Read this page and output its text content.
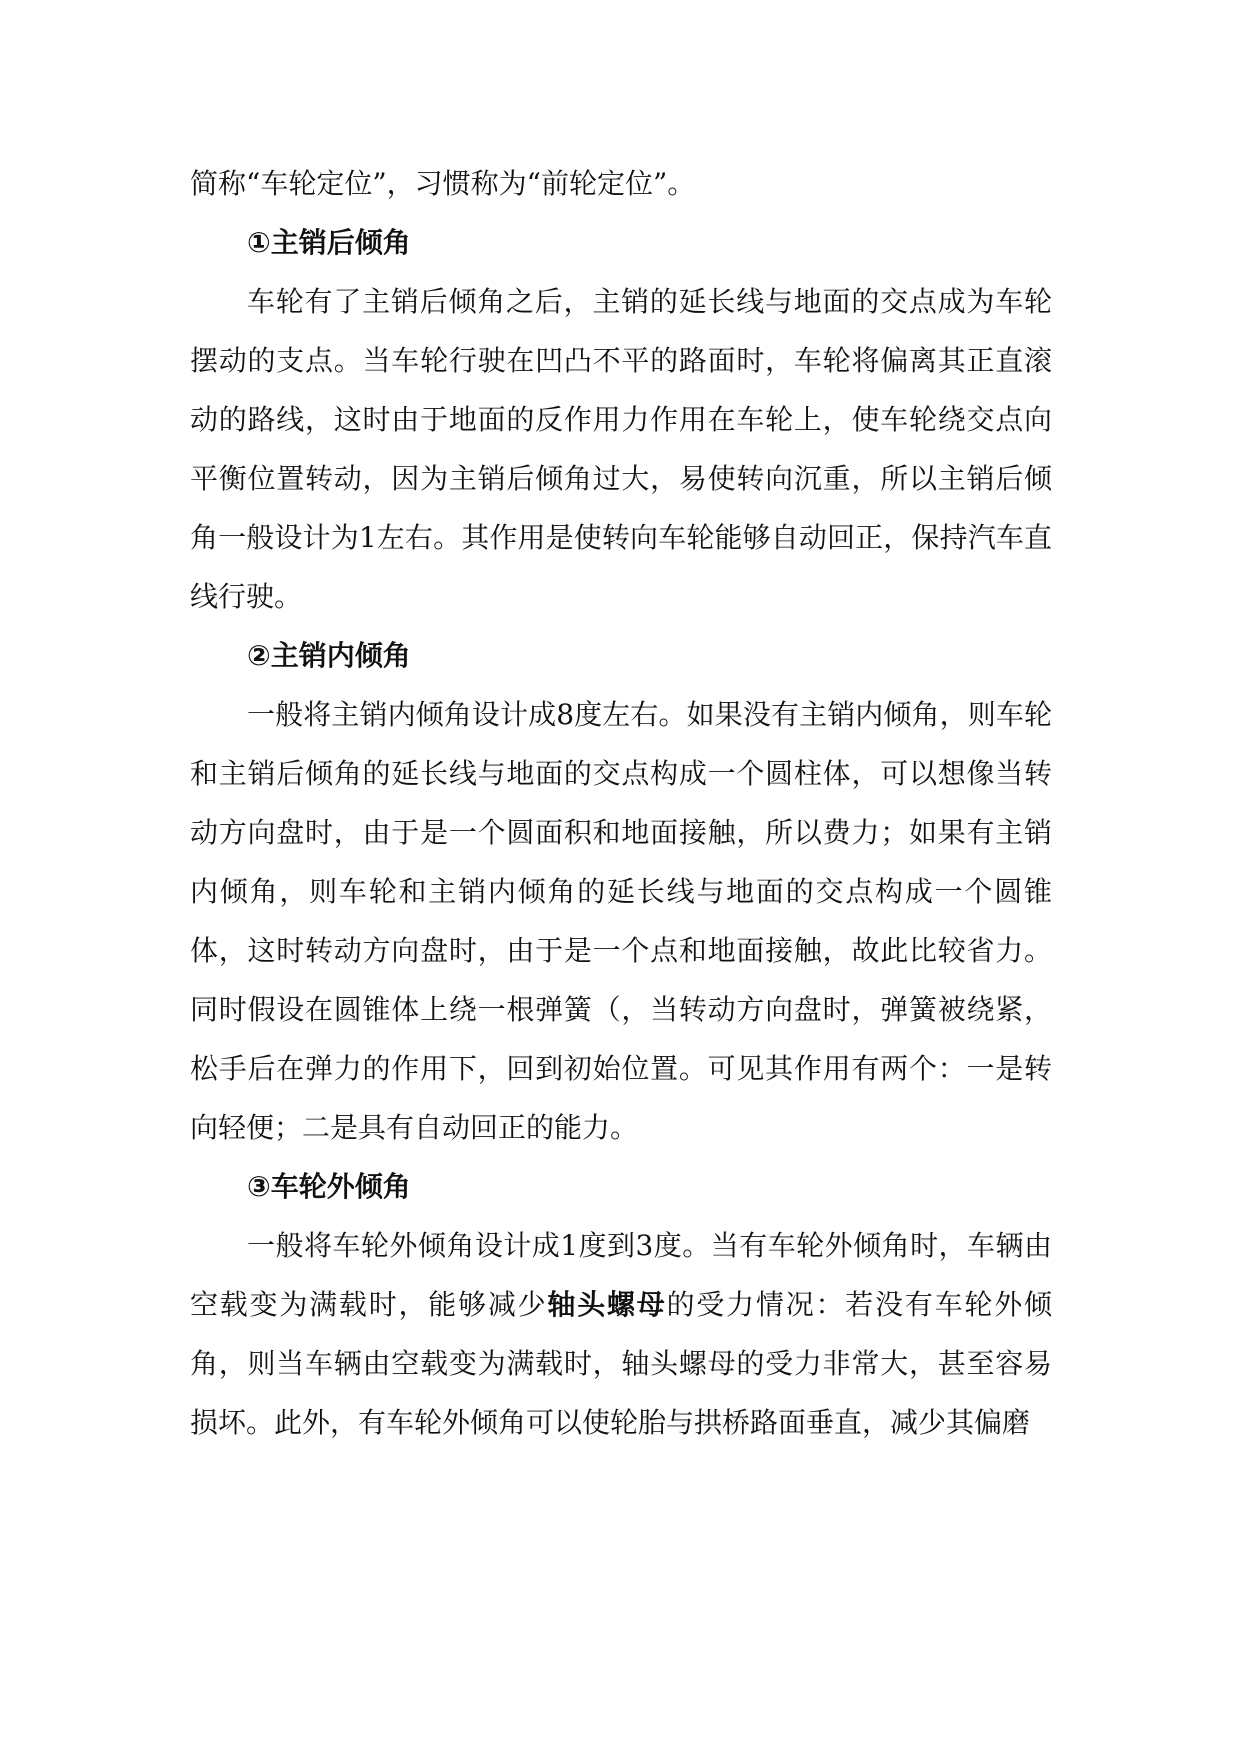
简称“车轮定位”，习惯称为“前轮定位”。

①主销后倾角

车轮有了主销后倾角之后，主销的延长线与地面的交点成为车轮摆动的支点。当车轮行驶在凹凸不平的路面时，车轮将偏离其正直滚动的路线，这时由于地面的反作用力作用在车轮上，使车轮绕交点向平衡位置转动，因为主销后倾角过大，易使转向沉重，所以主销后倾角一般设计为1左右。其作用是使转向车轮能够自动回正，保持汽车直线行驶。

②主销内倾角

一般将主销内倾角设计成8度左右。如果没有主销内倾角，则车轮和主销后倾角的延长线与地面的交点构成一个圆柱体，可以想像当转动方向盘时，由于是一个圆面积和地面接触，所以费力；如果有主销内倾角，则车轮和主销内倾角的延长线与地面的交点构成一个圆锥体，这时转动方向盘时，由于是一个点和地面接触，故此比较省力。同时假设在圆锥体上绕一根弹簧（，当转动方向盘时，弹簧被绕紧，松手后在弹力的作用下，回到初始位置。可见其作用有两个：一是转向轻便；二是具有自动回正的能力。

③车轮外倾角

一般将车轮外倾角设计成1度到3度。当有车轮外倾角时，车辆由空载变为满载时，能够减少轴头螺母的受力情况：若没有车轮外倾角，则当车辆由空载变为满载时，轴头螺母的受力非常大，甚至容易损坏。此外，有车轮外倾角可以使轮胎与拱桥路面垂直，减少其偏磨
